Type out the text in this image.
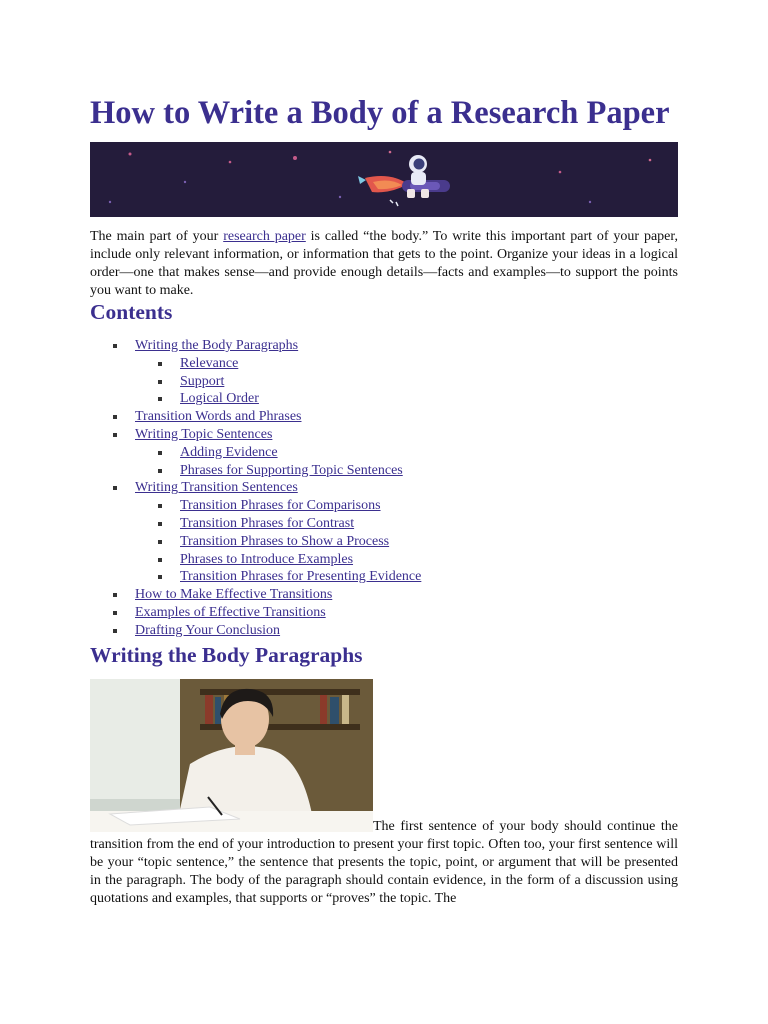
How to Write a Body of a Research Paper

The main part of your research paper is called “the body.” To write this important part of your paper, include only relevant information, or information that gets to the point. Organize your ideas in a logical order—one that makes sense—and provide enough details—facts and examples—to support the points you want to make.

Contents
Writing the Body Paragraphs
Relevance
Support
Logical Order
Transition Words and Phrases
Writing Topic Sentences
Adding Evidence
Phrases for Supporting Topic Sentences
Writing Transition Sentences
Transition Phrases for Comparisons
Transition Phrases for Contrast
Transition Phrases to Show a Process
Phrases to Introduce Examples
Transition Phrases for Presenting Evidence
How to Make Effective Transitions
Examples of Effective Transitions
Drafting Your Conclusion
Writing the Body Paragraphs

The first sentence of your body should continue the transition from the end of your introduction to present your first topic. Often too, your first sentence will be your “topic sentence,” the sentence that presents the topic, point, or argument that will be presented in the paragraph. The body of the paragraph should contain evidence, in the form of a discussion using quotations and examples, that supports or “proves” the topic. The
